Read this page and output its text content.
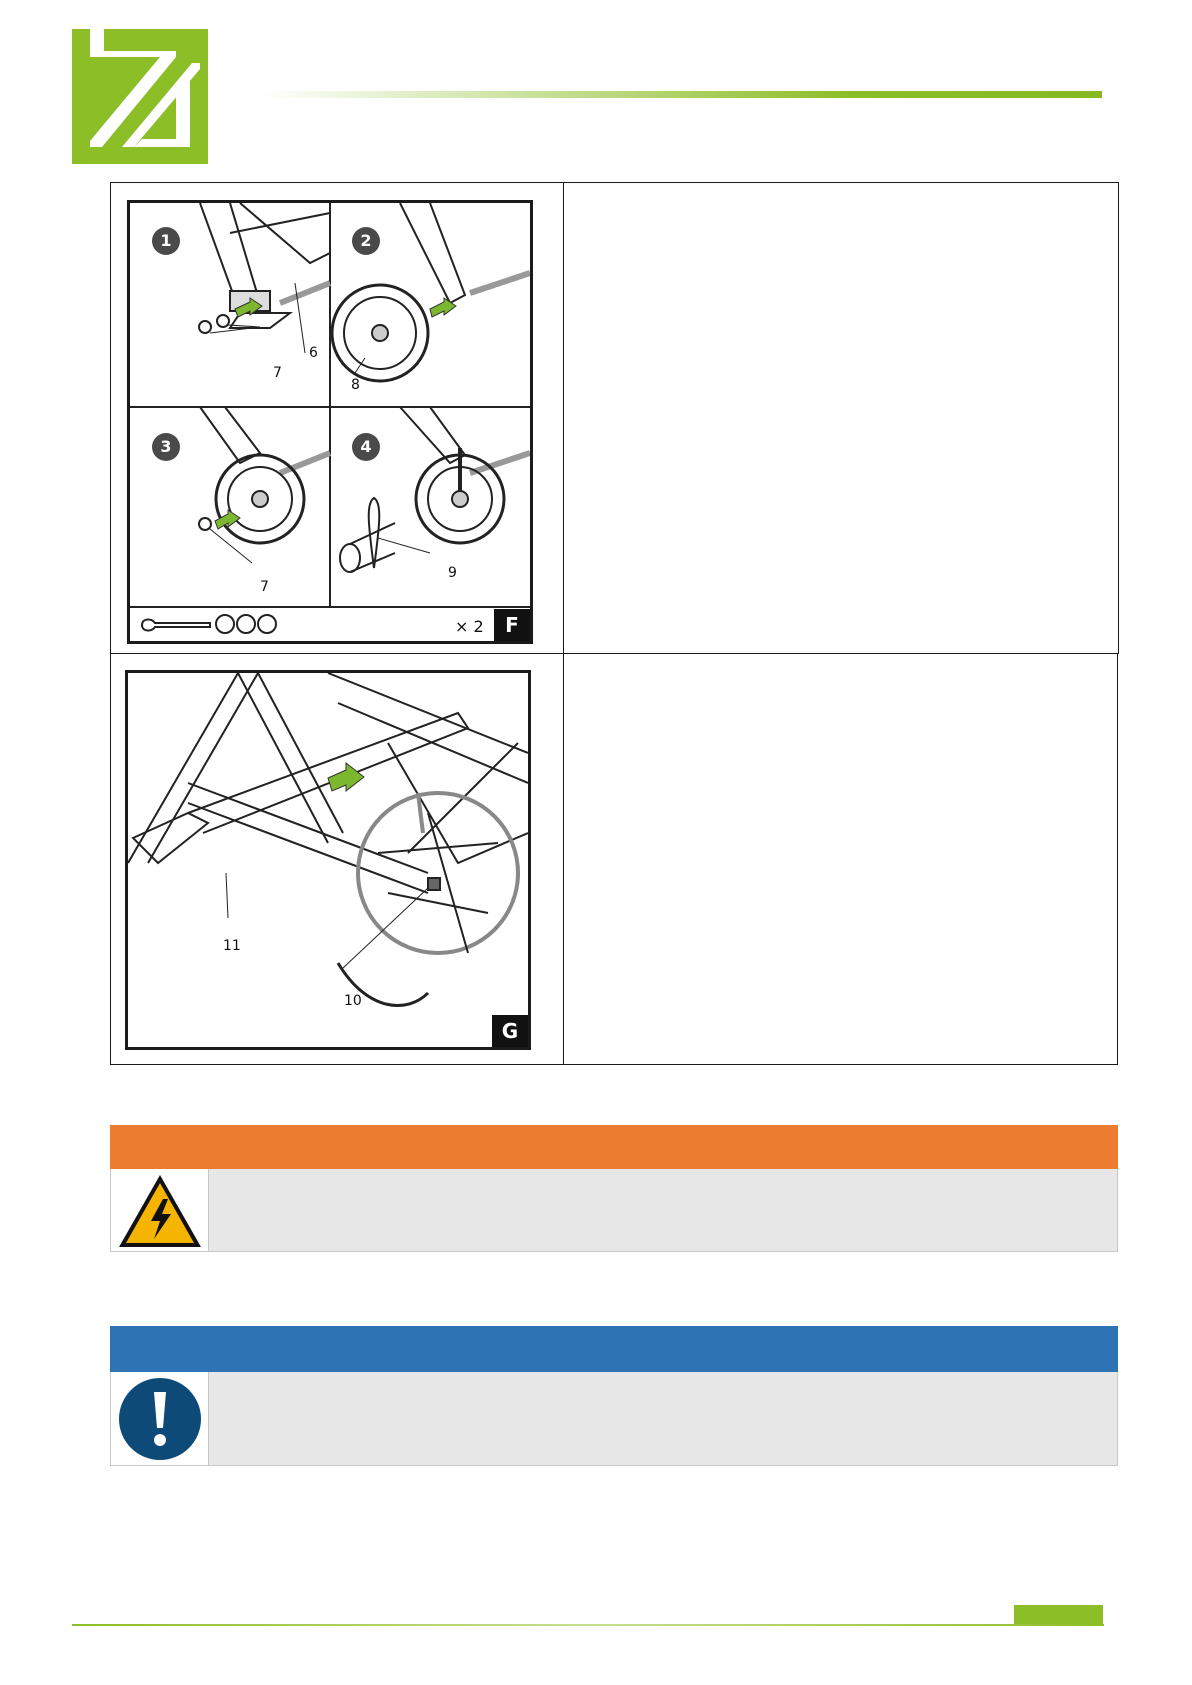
1	2
3	4
6
7
8
7
9
× 2	F
11
10
G
